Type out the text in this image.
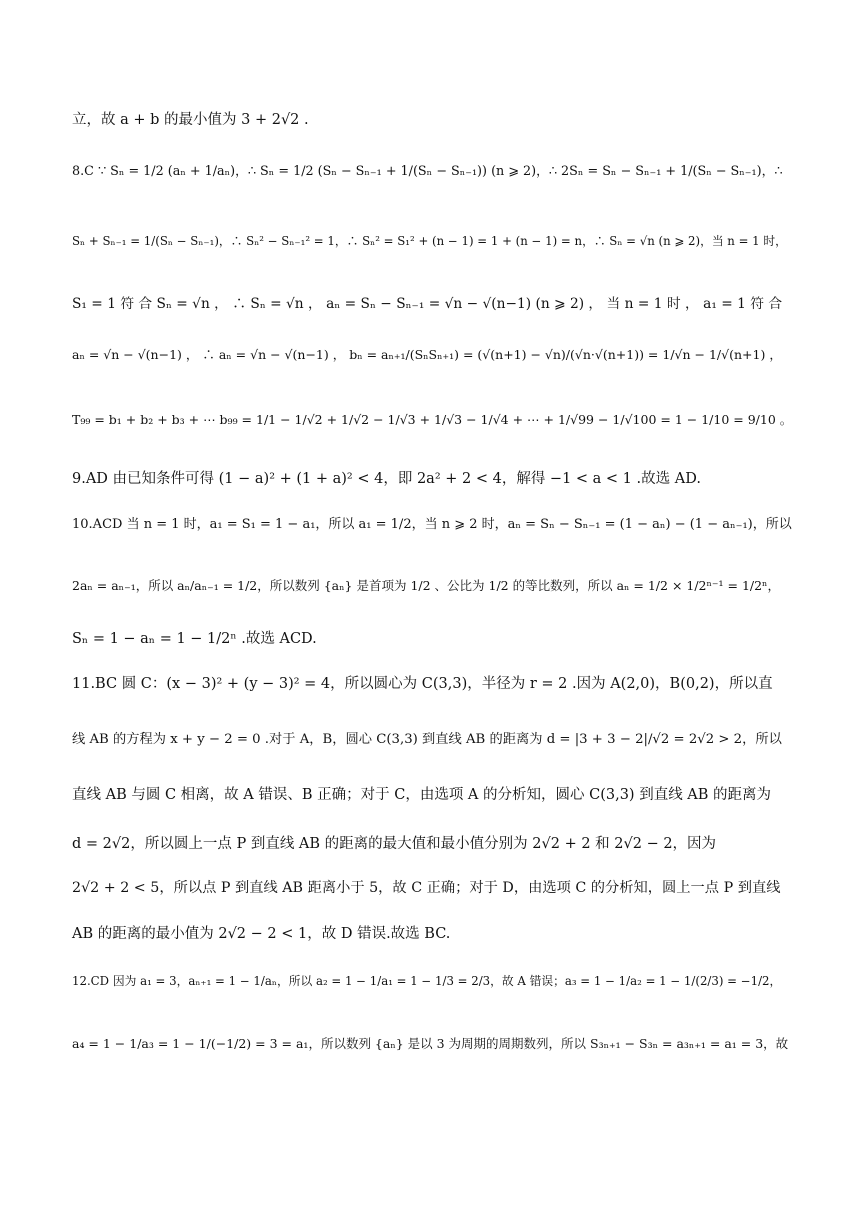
立，故 a + b 的最小值为 3 + 2√2 .
8.C ∵ Sₙ = 1/2 (aₙ + 1/aₙ)，∴ Sₙ = 1/2 (Sₙ − Sₙ₋₁ + 1/(Sₙ − Sₙ₋₁)) (n ⩾ 2)，∴ 2Sₙ = Sₙ − Sₙ₋₁ + 1/(Sₙ − Sₙ₋₁)，∴
Sₙ + Sₙ₋₁ = 1/(Sₙ − Sₙ₋₁)，∴ Sₙ² − Sₙ₋₁² = 1，∴ Sₙ² = S₁² + (n − 1) = 1 + (n − 1) = n，∴ Sₙ = √n (n ⩾ 2)，当 n = 1 时，
S₁ = 1 符 合 Sₙ = √n ， ∴ Sₙ = √n ， aₙ = Sₙ − Sₙ₋₁ = √n − √(n−1) (n ⩾ 2) ， 当 n = 1 时 ， a₁ = 1 符 合
aₙ = √n − √(n−1) ， ∴ aₙ = √n − √(n−1) ， bₙ = aₙ₊₁/(SₙSₙ₊₁) = (√(n+1) − √n)/(√n·√(n+1)) = 1/√n − 1/√(n+1) ，
T₉₉ = b₁ + b₂ + b₃ + ⋯ b₉₉ = 1/1 − 1/√2 + 1/√2 − 1/√3 + 1/√3 − 1/√4 + ⋯ + 1/√99 − 1/√100 = 1 − 1/10 = 9/10 。
9.AD 由已知条件可得 (1 − a)² + (1 + a)² < 4，即 2a² + 2 < 4，解得 −1 < a < 1 .故选 AD.
10.ACD 当 n = 1 时，a₁ = S₁ = 1 − a₁，所以 a₁ = 1/2，当 n ⩾ 2 时，aₙ = Sₙ − Sₙ₋₁ = (1 − aₙ) − (1 − aₙ₋₁)，所以
2aₙ = aₙ₋₁，所以 aₙ/aₙ₋₁ = 1/2，所以数列 {aₙ} 是首项为 1/2 、公比为 1/2 的等比数列，所以 aₙ = 1/2 × 1/2ⁿ⁻¹ = 1/2ⁿ，
Sₙ = 1 − aₙ = 1 − 1/2ⁿ .故选 ACD.
11.BC 圆 C：(x − 3)² + (y − 3)² = 4，所以圆心为 C(3,3)，半径为 r = 2 .因为 A(2,0)，B(0,2)，所以直
线 AB 的方程为 x + y − 2 = 0 .对于 A，B，圆心 C(3,3) 到直线 AB 的距离为 d = |3 + 3 − 2|/√2 = 2√2 > 2，所以
直线 AB 与圆 C 相离，故 A 错误、B 正确；对于 C，由选项 A 的分析知，圆心 C(3,3) 到直线 AB 的距离为
d = 2√2，所以圆上一点 P 到直线 AB 的距离的最大值和最小值分别为 2√2 + 2 和 2√2 − 2，因为
2√2 + 2 < 5，所以点 P 到直线 AB 距离小于 5，故 C 正确；对于 D，由选项 C 的分析知，圆上一点 P 到直线
AB 的距离的最小值为 2√2 − 2 < 1，故 D 错误.故选 BC.
12.CD 因为 a₁ = 3，aₙ₊₁ = 1 − 1/aₙ，所以 a₂ = 1 − 1/a₁ = 1 − 1/3 = 2/3，故 A 错误；a₃ = 1 − 1/a₂ = 1 − 1/(2/3) = −1/2，
a₄ = 1 − 1/a₃ = 1 − 1/(−1/2) = 3 = a₁，所以数列 {aₙ} 是以 3 为周期的周期数列，所以 S₃ₙ₊₁ − S₃ₙ = a₃ₙ₊₁ = a₁ = 3，故
